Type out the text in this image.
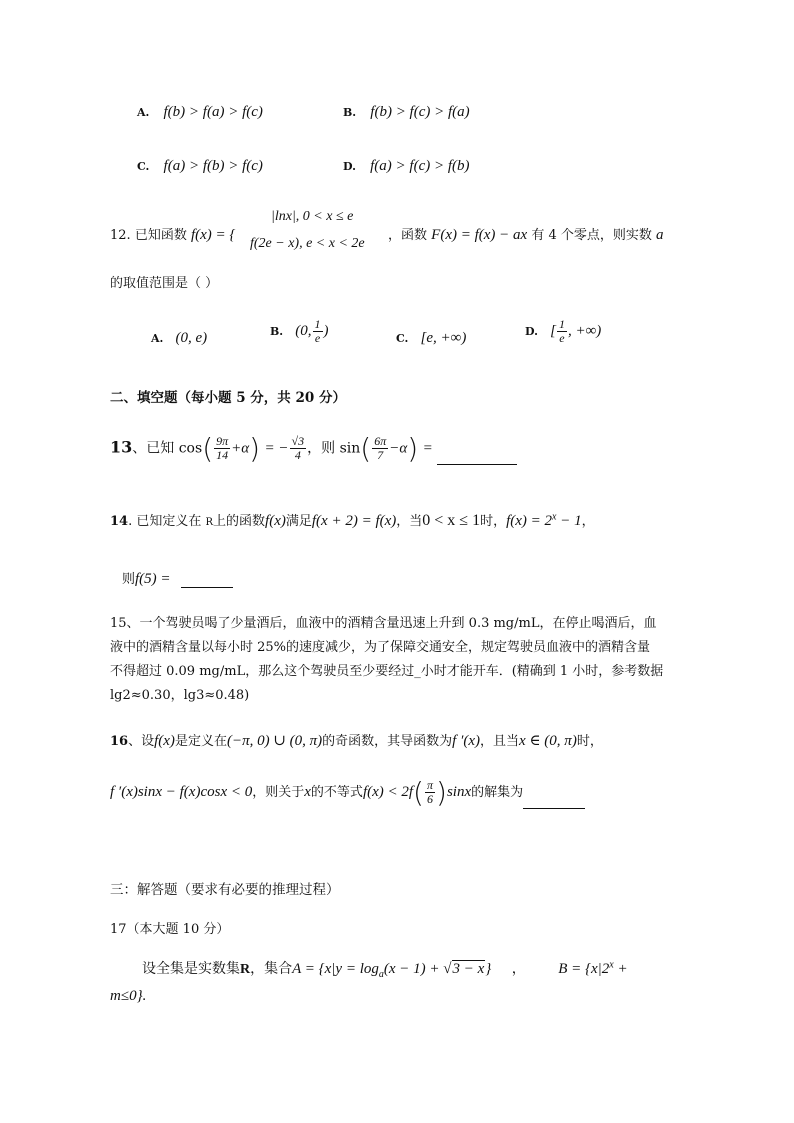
A. f(b) > f(a) > f(c)	B. f(b) > f(c) > f(a)
C. f(a) > f(b) > f(c)	D. f(a) > f(c) > f(b)
12. 已知函数 f(x) = {
|lnx|, 0 < x ≤ e
f(2e − x), e < x < 2e
，函数 F(x) = f(x) − ax 有 4 个零点，则实数 a
的取值范围是（ ）
A. (0, e)	B. (0, $\frac{1}{e}$ )	C. [e, +∞)	D. [ $\frac{1}{e}$ , +∞)
二、填空题（每小题 5 分，共 20 分）
13、已知 $\cos( \frac{9\pi}{14} +\alpha)$ = − $\frac{√3}{4}$ ，则 $\sin( \frac{6\pi}{7} -\alpha)$ =
14. 已知定义在 R上的函数f(x)满足f(x + 2) = f(x)，当0 < x ≤ 1时，$f(x) = 2^x - 1$，
则f(5) =
15、一个驾驶员喝了少量酒后，血液中的酒精含量迅速上升到 0.3 mg/mL，在停止喝酒后，血
液中的酒精含量以每小时 25%的速度减少，为了保障交通安全，规定驾驶员血液中的酒精含量
不得超过 0.09 mg/mL，那么这个驾驶员至少要经过_小时才能开车．(精确到 1 小时，参考数据
lg2≈0.30，lg3≈0.48)
16、设f(x)是定义在(−π, 0) ∪ (0, π)的奇函数，其导函数为f ′(x)，且当x ∈ (0, π)时，
f ′(x)sinx − f(x)cosx < 0，则关于x的不等式$f(x) < 2f( \frac{\pi}{6} )\sin x$的解集为
三：解答题（要求有必要的推理过程）
17（本大题 10 分）
设全集是实数集R，集合$A = \{x|y = \log_a(x - 1) + √3 - x\}$ ， $B = \{x|2^x$ +
m≤0}.
